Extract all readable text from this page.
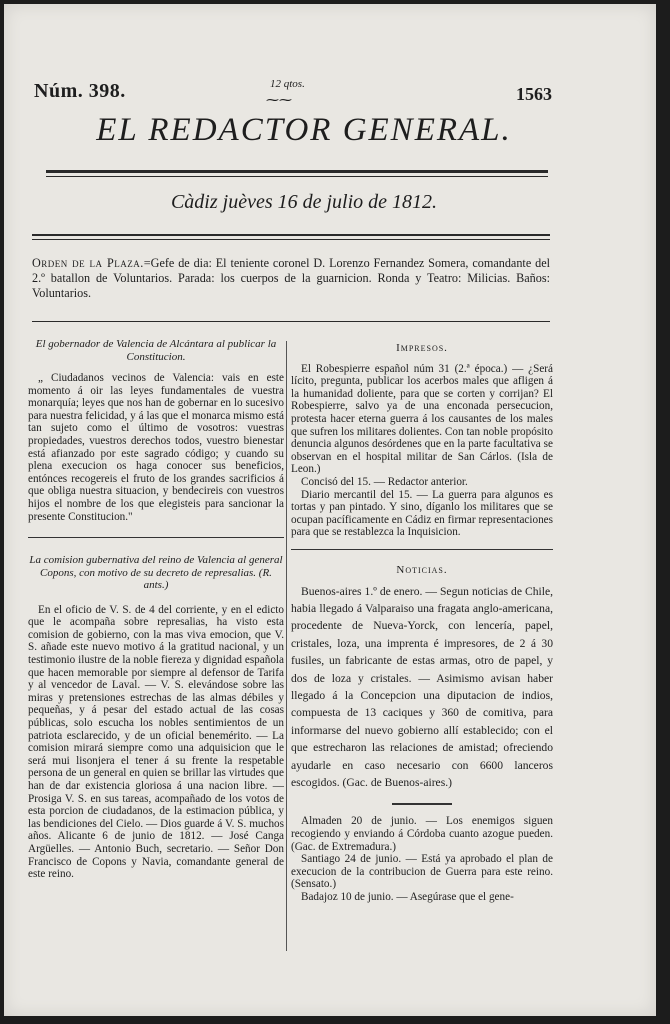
Núm. 398.	12 qtos.
⁓⁓	1563
EL REDACTOR GENERAL.
Càdiz juèves 16 de julio de 1812.
Orden de la Plaza.=Gefe de dia: El teniente coronel D. Lorenzo Fernandez Somera, comandante del 2.º batallon de Voluntarios. Parada: los cuerpos de la guarnicion. Ronda y Teatro: Milicias. Baños: Voluntarios.
El gobernador de Valencia de Alcántara al publicar la Constitucion.

„ Ciudadanos vecinos de Valencia: vais en este momento á oir las leyes fundamentales de vuestra monarquía; leyes que nos han de gobernar en lo sucesivo para nuestra felicidad, y á las que el monarca mismo está tan sujeto como el último de vosotros: vuestras propiedades, vuestros derechos todos, vuestro bienestar está afianzado por este sagrado código; y cuando su plena execucion os haga conocer sus beneficios, entónces recogereis el fruto de los grandes sacrificios á que obliga nuestra situacion, y bendecireis con vuestros hijos el nombre de los que elegisteis para sancionar la presente Constitucion."

La comision gubernativa del reino de Valencia al general Copons, con motivo de su decreto de represalias. (R. ants.)

En el oficio de V. S. de 4 del corriente, y en el edicto que le acompaña sobre represalias, ha visto esta comision de gobierno, con la mas viva emocion, que V. S. añade este nuevo motivo á la gratitud nacional, y un testimonio ilustre de la noble fiereza y dignidad española que hacen memorable por siempre al defensor de Tarifa y al vencedor de Laval. — V. S. elevándose sobre las miras y pretensiones estrechas de las almas débiles y pequeñas, y á pesar del estado actual de las cosas públicas, solo escucha los nobles sentimientos de un patriota esclarecido, y de un oficial benemérito. — La comision mirará siempre como una adquisicion que le será mui lisonjera el tener á su frente la respetable persona de un general en quien se brillar las virtudes que han de dar existencia gloriosa á una nacion libre. — Prosiga V. S. en sus tareas, acompañado de los votos de esta porcion de ciudadanos, de la estimacion pública, y las bendiciones del Cielo. — Dios guarde á V. S. muchos años. Alicante 6 de junio de 1812. — José Canga Argüelles. — Antonio Buch, secretario. — Señor Don Francisco de Copons y Navia, comandante general de este reino.

Impresos.

El Robespierre español núm 31 (2.ª época.) — ¿Será lícito, pregunta, publicar los acerbos males que afligen á la humanidad doliente, para que se corten y corrijan? El Robespierre, salvo ya de una enconada persecucion, protesta hacer eterna guerra á los causantes de los males que sufren los militares dolientes. Con tan noble propósito denuncia algunos desórdenes que en la parte facultativa se observan en el hospital militar de San Cárlos. (Isla de Leon.)

Concisó del 15. — Redactor anterior.

Diario mercantil del 15. — La guerra para algunos es tortas y pan pintado. Y sino, díganlo los militares que se ocupan pacíficamente en Cádiz en firmar representaciones para que se restablezca la Inquisicion.

Noticias.

Buenos-aires 1.º de enero. — Segun noticias de Chile, habia llegado á Valparaiso una fragata anglo-americana, procedente de Nueva-Yorck, con lencería, papel, cristales, loza, una imprenta é impresores, de 2 á 30 fusiles, un fabricante de estas armas, otro de papel, y dos de loza y cristales. — Asimismo avisan haber llegado á la Concepcion una diputacion de indios, compuesta de 13 caciques y 360 de comitiva, para informarse del nuevo gobierno allí establecido; con el que estrecharon las relaciones de amistad; ofreciendo ayudarle en caso necesario con 6600 lanceros escogidos. (Gac. de Buenos-aires.)

Almaden 20 de junio. — Los enemigos siguen recogiendo y enviando á Córdoba cuanto azogue pueden. (Gac. de Extremadura.)

Santiago 24 de junio. — Está ya aprobado el plan de execucion de la contribucion de Guerra para este reino. (Sensato.)

Badajoz 10 de junio. — Asegúrase que el gene-
